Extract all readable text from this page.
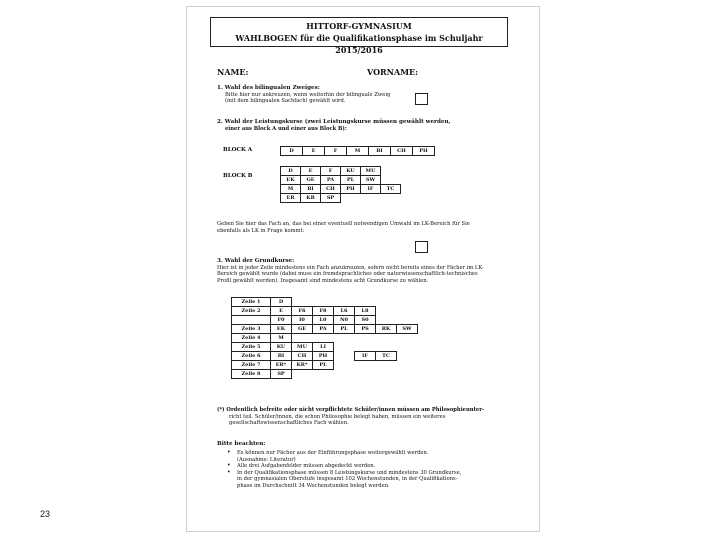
23
HITTORF-GYMNASIUM
WAHLBOGEN für die Qualifikationsphase im Schuljahr 2015/2016
NAME:	VORNAME:
1. Wahl des bilingualen Zweiges:
Bitte hier nur ankreuzen, wenn weiterhin der bilinguale Zweig
(mit dem bilingualen Sachfach) gewählt wird.
2. Wahl der Leistungskurse (zwei Leistungskurse müssen gewählt werden,
einer aus Block A und einer aus Block B):
BLOCK A	D	E	F	M	BI	CH	PH
BLOCK B
D	E	F	KU	MU	
EK	GE	PA	PL	SW	
M	BI	CH	PH	IF	TC
ER	KR	SP			
Geben Sie hier das Fach an, das bei einer eventuell notwendigen Umwahl im LK-Bereich für Sie
ebenfalls als LK in Frage kommt:
3. Wahl der Grundkurse:
Hier ist in jeder Zeile mindestens ein Fach anzukreuzen, sofern nicht bereits eines der Fächer im LK-
Bereich gewählt wurde (dabei muss ein fremdsprachliches oder naturwissenschaftlich-technisches
Profil gewählt werden). Insgesamt sind mindestens acht Grundkurse zu wählen.
Zeile 1	D						
Zeile 2	E	F6	F8	L6	L8		
	F0	I0	L0	N0	S0		
Zeile 3	EK	GE	PA	PL	PS	RK	SW
Zeile 4	M						
Zeile 5	KU	MU	LI				
Zeile 6	BI	CH	PH		IF	TC	
Zeile 7	ER*	KR*	PL				
Zeile 8	SP						
(*) Ordentlich befreite oder nicht verpflichtete Schüler/innen müssen am Philosophieunter-
richt teil. Schüler/innen, die schon Philosophie belegt haben, müssen ein weiteres
gesellschaftswissenschaftliches Fach wählen.
Bitte beachten:
• Es können nur Fächer aus der Einführungsphase weitergewählt werden.
(Ausnahme: Literatur)
• Alle drei Aufgabenfelder müssen abgedeckt werden.
• In der Qualifikationsphase müssen 8 Leistungskurse und mindestens 30 Grundkurse,
in der gymnasialen Oberstufe insgesamt 102 Wochenstunden, in der Qualifikations-
phase im Durchschnitt 34 Wochenstunden belegt werden.
